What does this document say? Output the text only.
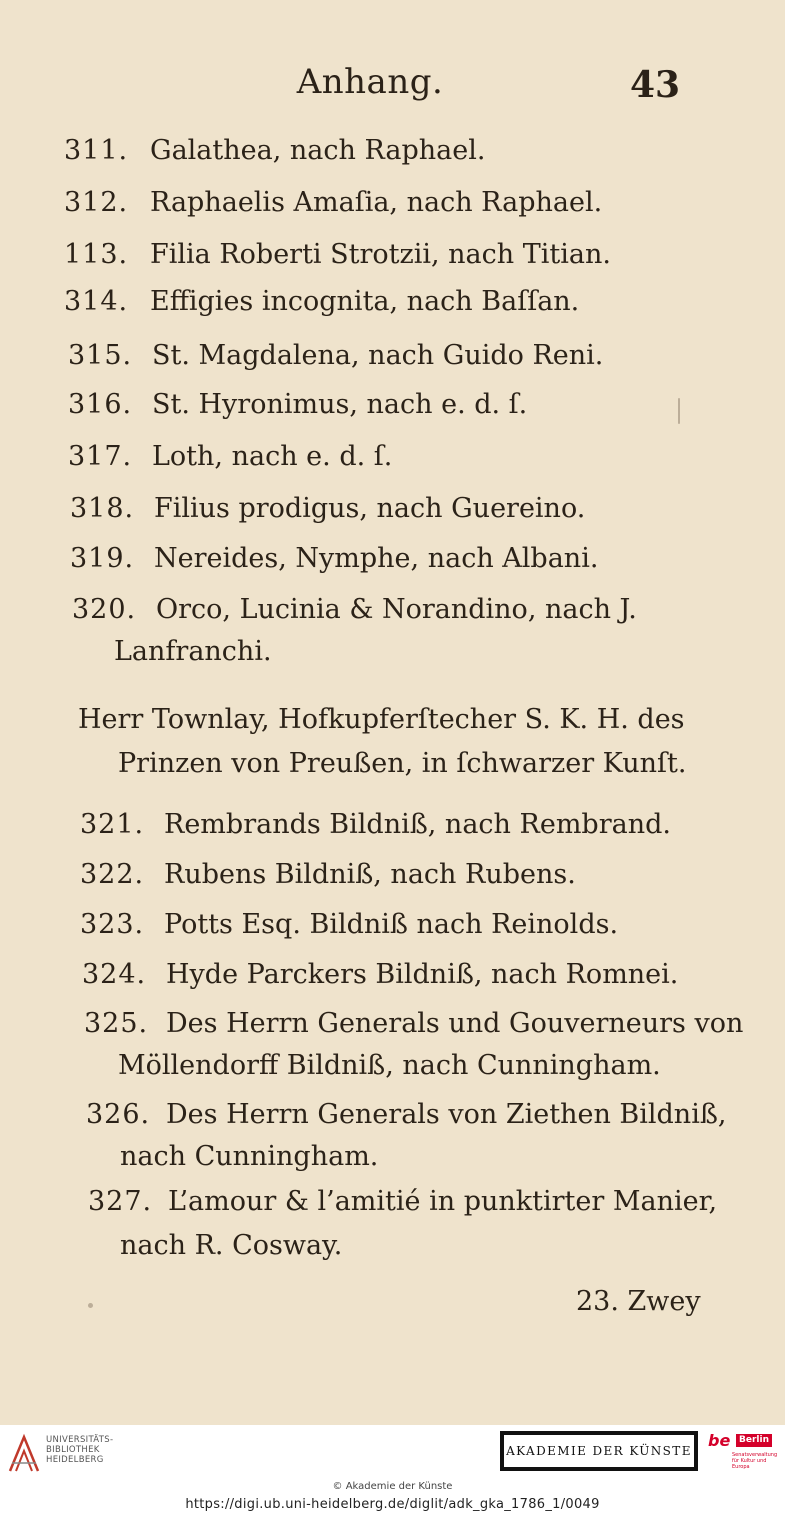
Anhang.	43
311. Galathea, nach Raphael.
312. Raphaelis Amaſia, nach Raphael.
113. Filia Roberti Strotzii, nach Titian.
314. Effigies incognita, nach Baſſan.
315. St. Magdalena, nach Guido Reni.
316. St. Hyronimus, nach e. d. ſ.
317. Loth, nach e. d. ſ.
318. Filius prodigus, nach Guereino.
319. Nereides, Nymphe, nach Albani.
320. Orco, Lucinia & Norandino, nach J.
Lanfranchi.
Herr Townlay, Hofkupferſtecher S. K. H. des
Prinzen von Preußen, in ſchwarzer Kunſt.
321. Rembrands Bildniß, nach Rembrand.
322. Rubens Bildniß, nach Rubens.
323. Potts Esq. Bildniß nach Reinolds.
324. Hyde Parckers Bildniß, nach Romnei.
325. Des Herrn Generals und Gouverneurs von
Möllendorff Bildniß, nach Cunningham.
326. Des Herrn Generals von Ziethen Bildniß,
nach Cunningham.
327. L’amour & l’amitié in punktirter Manier,
nach R. Cosway.
23. Zwey
UNIVERSITÄTS-
BIBLIOTHEK
HEIDELBERG
AKADEMIE DER KÜNSTE
be Berlin
Senatsverwaltung für Kultur und Europa
© Akademie der Künste
https://digi.ub.uni-heidelberg.de/diglit/adk_gka_1786_1/0049
